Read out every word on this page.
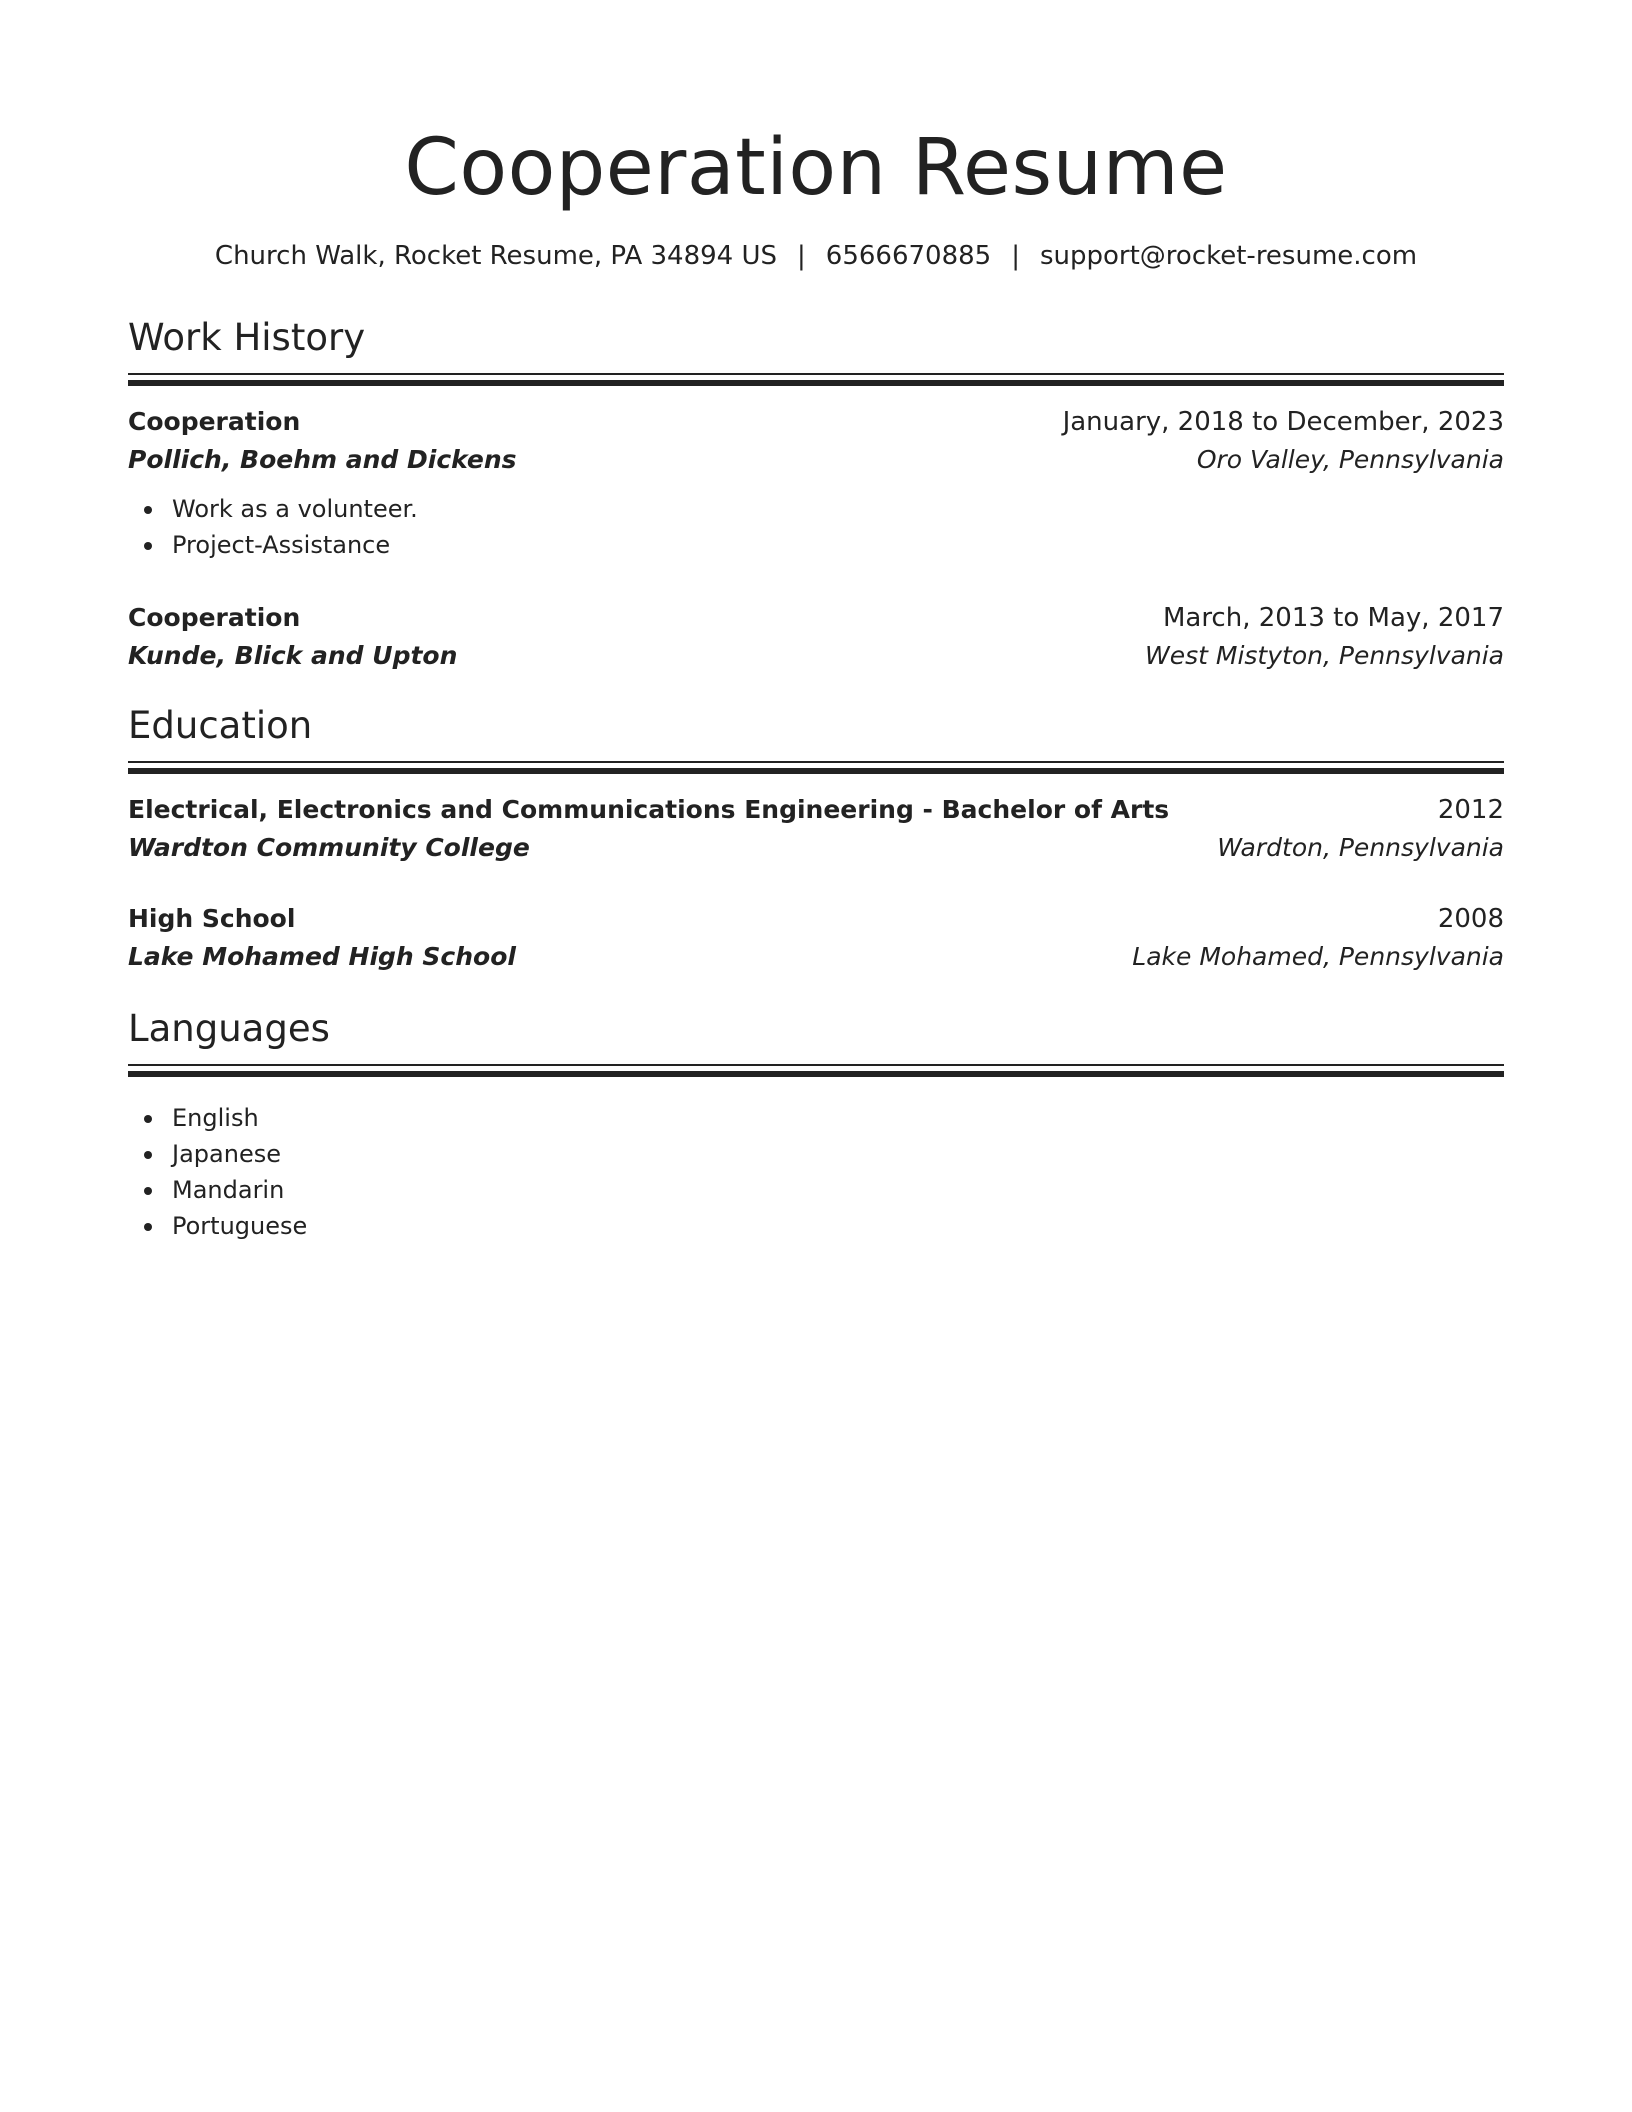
Cooperation Resume
Church Walk, Rocket Resume, PA 34894 US | 6566670885 | support@rocket-resume.com
Work History
Cooperation	January, 2018 to December, 2023
Pollich, Boehm and Dickens	Oro Valley, Pennsylvania
Work as a volunteer.
Project-Assistance
Cooperation	March, 2013 to May, 2017
Kunde, Blick and Upton	West Mistyton, Pennsylvania
Education
Electrical, Electronics and Communications Engineering - Bachelor of Arts	2012
Wardton Community College	Wardton, Pennsylvania
High School	2008
Lake Mohamed High School	Lake Mohamed, Pennsylvania
Languages
English
Japanese
Mandarin
Portuguese
